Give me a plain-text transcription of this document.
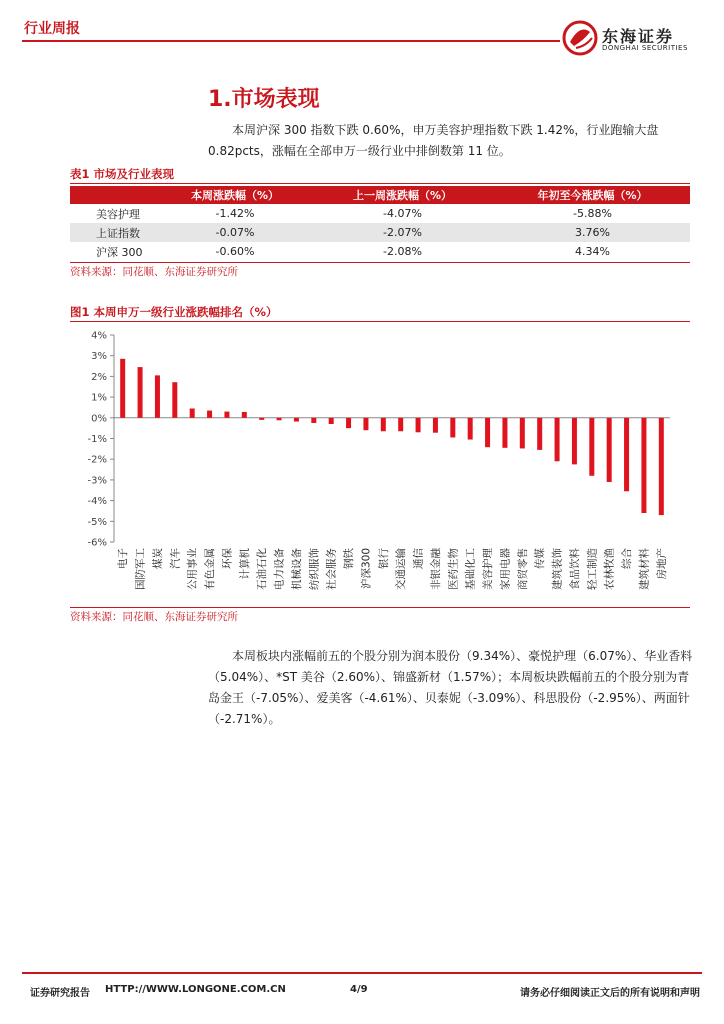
行业周报	东海证券
DONGHAI SECURITIES
1.市场表现
本周沪深 300 指数下跌 0.60%，申万美容护理指数下跌 1.42%，行业跑输大盘 0.82pcts，涨幅在全部申万一级行业中排倒数第 11 位。
表1 市场及行业表现
	本周涨跌幅（%）	上一周涨跌幅（%）	年初至今涨跌幅（%）
美容护理	-1.42%	-4.07%	-5.88%
上证指数	-0.07%	-2.07%	3.76%
沪深 300	-0.60%	-2.08%	4.34%
资料来源：同花顺、东海证券研究所
图1 本周申万一级行业涨跌幅排名（%）
4%
3%
2%
1%
0%
-1%
-2%
-3%
-4%
-5%
-6%
电子 国防军工 煤炭 汽车 公用事业 有色金属 环保 计算机 石油石化 电力设备 机械设备 纺织服饰 社会服务 钢铁 沪深300 银行 交通运输 通信 非银金融 医药生物 基础化工 美容护理 家用电器 商贸零售 传媒 建筑装饰 食品饮料 轻工制造 农林牧渔 综合 建筑材料 房地产
资料来源：同花顺、东海证券研究所
本周板块内涨幅前五的个股分别为润本股份（9.34%）、豪悦护理（6.07%）、华业香料（5.04%）、*ST 美谷（2.60%）、锦盛新材（1.57%）；本周板块跌幅前五的个股分别为青岛金王（-7.05%）、爱美客（-4.61%）、贝泰妮（-3.09%）、科思股份（-2.95%）、两面针（-2.71%）。
证券研究报告 HTTP://WWW.LONGONE.COM.CN	4/9	请务必仔细阅读正文后的所有说明和声明
